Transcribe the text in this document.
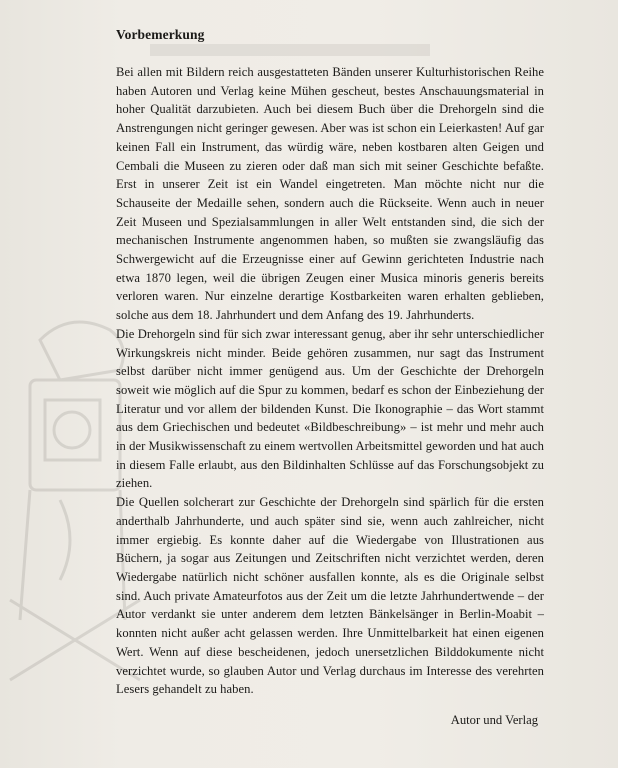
Vorbemerkung

Bei allen mit Bildern reich ausgestatteten Bänden unserer Kulturhistorischen Reihe haben Autoren und Verlag keine Mühen gescheut, bestes Anschauungsmaterial in hoher Qualität darzubieten. Auch bei diesem Buch über die Drehorgeln sind die Anstrengungen nicht geringer gewesen. Aber was ist schon ein Leierkasten! Auf gar keinen Fall ein Instrument, das würdig wäre, neben kostbaren alten Geigen und Cembali die Museen zu zieren oder daß man sich mit seiner Geschichte befaßte. Erst in unserer Zeit ist ein Wandel eingetreten. Man möchte nicht nur die Schauseite der Medaille sehen, sondern auch die Rückseite. Wenn auch in neuer Zeit Museen und Spezialsammlungen in aller Welt entstanden sind, die sich der mechanischen Instrumente angenommen haben, so mußten sie zwangsläufig das Schwergewicht auf die Erzeugnisse einer auf Gewinn gerichteten Industrie nach etwa 1870 legen, weil die übrigen Zeugen einer Musica minoris generis bereits verloren waren. Nur einzelne derartige Kostbarkeiten waren erhalten geblieben, solche aus dem 18. Jahrhundert und dem Anfang des 19. Jahrhunderts.

Die Drehorgeln sind für sich zwar interessant genug, aber ihr sehr unterschiedlicher Wirkungskreis nicht minder. Beide gehören zusammen, nur sagt das Instrument selbst darüber nicht immer genügend aus. Um der Geschichte der Drehorgeln soweit wie möglich auf die Spur zu kommen, bedarf es schon der Einbeziehung der Literatur und vor allem der bildenden Kunst. Die Ikonographie – das Wort stammt aus dem Griechischen und bedeutet «Bildbeschreibung» – ist mehr und mehr auch in der Musikwissenschaft zu einem wertvollen Arbeitsmittel geworden und hat auch in diesem Falle erlaubt, aus den Bildinhalten Schlüsse auf das Forschungsobjekt zu ziehen.

Die Quellen solcherart zur Geschichte der Drehorgeln sind spärlich für die ersten anderthalb Jahrhunderte, und auch später sind sie, wenn auch zahlreicher, nicht immer ergiebig. Es konnte daher auf die Wiedergabe von Illustrationen aus Büchern, ja sogar aus Zeitungen und Zeitschriften nicht verzichtet werden, deren Wiedergabe natürlich nicht schöner ausfallen konnte, als es die Originale selbst sind. Auch private Amateurfotos aus der Zeit um die letzte Jahrhundertwende – der Autor verdankt sie unter anderem dem letzten Bänkelsänger in Berlin-Moabit – konnten nicht außer acht gelassen werden. Ihre Unmittelbarkeit hat einen eigenen Wert. Wenn auf diese bescheidenen, jedoch unersetzlichen Bilddokumente nicht verzichtet wurde, so glauben Autor und Verlag durchaus im Interesse des verehrten Lesers gehandelt zu haben.

Autor und Verlag
